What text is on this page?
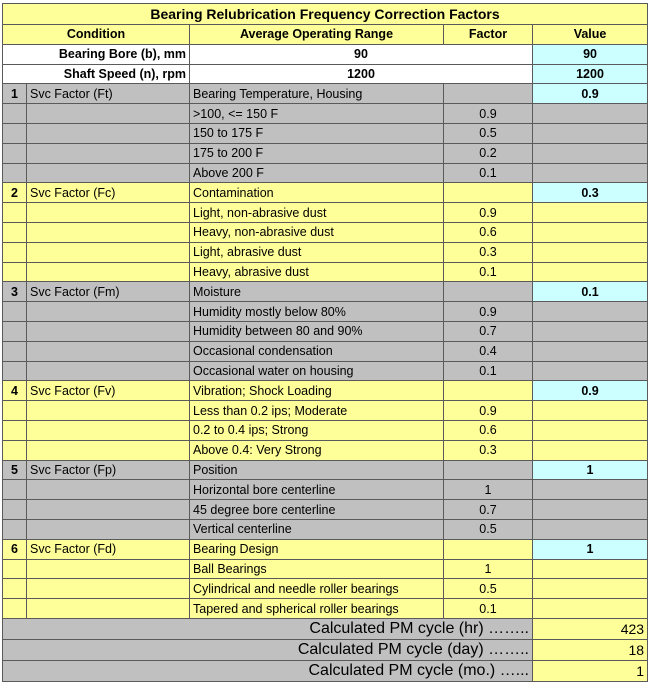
Bearing Relubrication Frequency Correction Factors				
Condition		Average Operating Range	Factor	Value
Bearing Bore (b), mm		90		90
Shaft Speed (n), rpm		1200		1200
1	Svc Factor (Ft)	Bearing Temperature, Housing		0.9
		>100, <= 150 F	0.9	
		150 to 175 F	0.5	
		175 to 200 F	0.2	
		Above 200 F	0.1	
2	Svc Factor (Fc)	Contamination		0.3
		Light, non-abrasive dust	0.9	
		Heavy, non-abrasive dust	0.6	
		Light, abrasive dust	0.3	
		Heavy, abrasive dust	0.1	
3	Svc Factor (Fm)	Moisture		0.1
		Humidity mostly below 80%	0.9	
		Humidity between 80 and 90%	0.7	
		Occasional condensation	0.4	
		Occasional water on housing	0.1	
4	Svc Factor (Fv)	Vibration; Shock Loading		0.9
		Less than 0.2 ips; Moderate	0.9	
		0.2 to 0.4 ips; Strong	0.6	
		Above 0.4: Very Strong	0.3	
5	Svc Factor (Fp)	Position		1
		Horizontal bore centerline	1	
		45 degree bore centerline	0.7	
		Vertical centerline	0.5	
6	Svc Factor (Fd)	Bearing Design		1
		Ball Bearings	1	
		Cylindrical and needle roller bearings	0.5	
		Tapered and spherical roller bearings	0.1	
Calculated PM cycle (hr) ……..				423
Calculated PM cycle (day) ……..				18
Calculated PM cycle (mo.) …...				1
